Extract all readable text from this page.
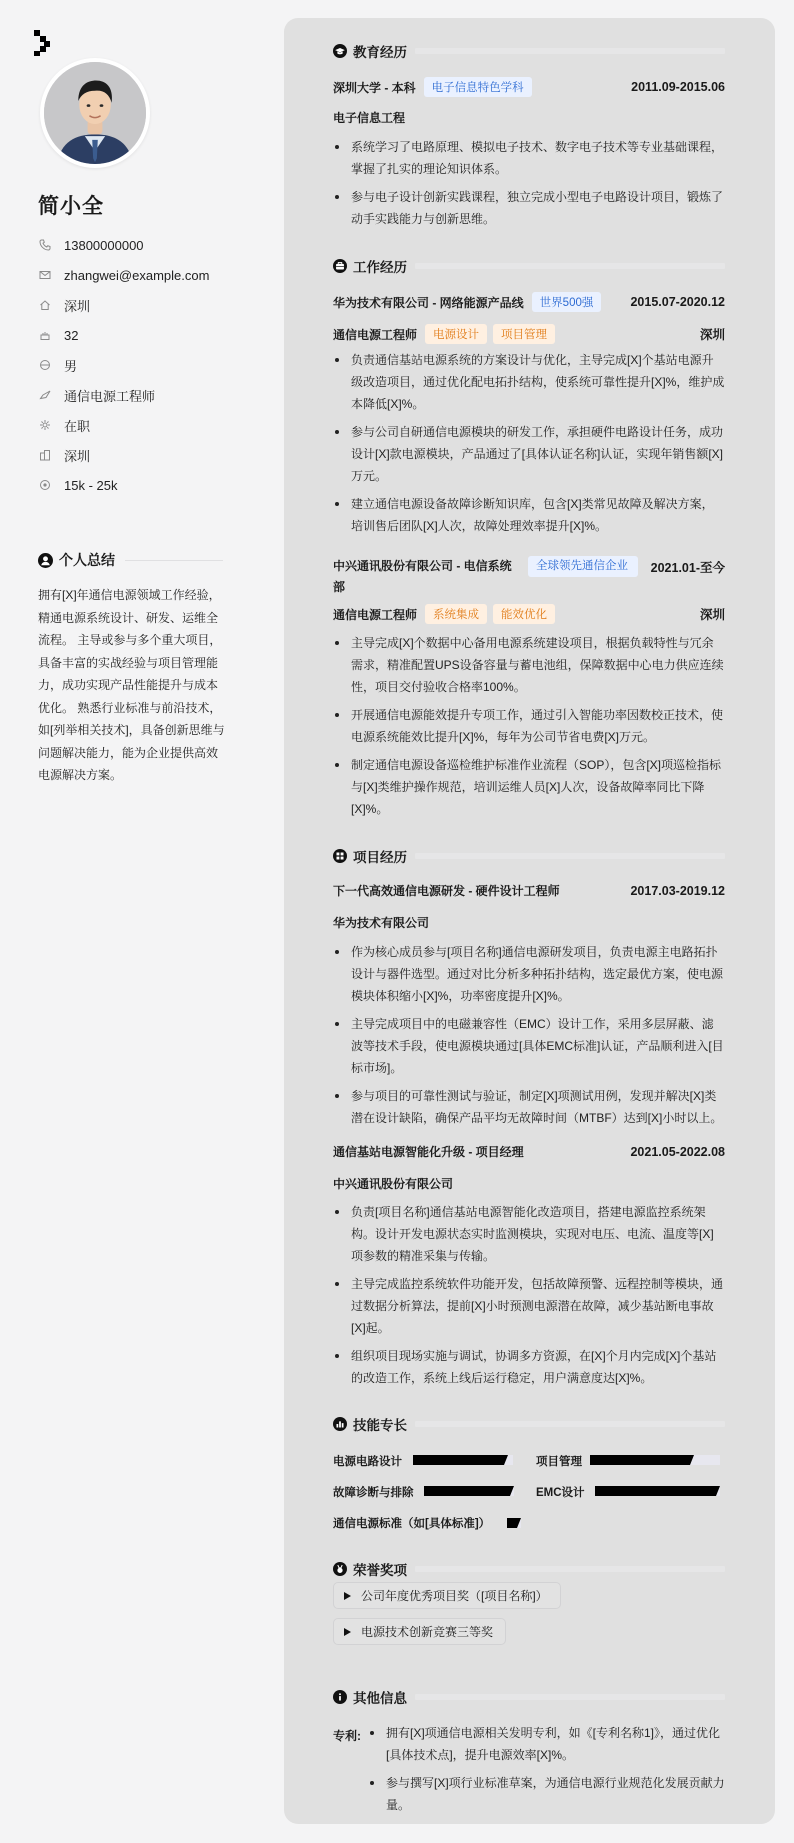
简小全
13800000000
zhangwei@example.com
深圳
32
男
通信电源工程师
在职
深圳
15k - 25k
个人总结
拥有[X]年通信电源领域工作经验，精通电源系统设计、研发、运维全流程。 主导或参与多个重大项目，具备丰富的实战经验与项目管理能力，成功实现产品性能提升与成本优化。 熟悉行业标准与前沿技术，如[列举相关技术]，具备创新思维与问题解决能力，能为企业提供高效电源解决方案。
教育经历
深圳大学 - 本科	电子信息特色学科	2011.09-2015.06
电子信息工程
系统学习了电路原理、模拟电子技术、数字电子技术等专业基础课程，掌握了扎实的理论知识体系。
参与电子设计创新实践课程，独立完成小型电子电路设计项目，锻炼了动手实践能力与创新思维。
工作经历
华为技术有限公司 - 网络能源产品线	世界500强	2015.07-2020.12
通信电源工程师	电源设计	项目管理	深圳
负责通信基站电源系统的方案设计与优化，主导完成[X]个基站电源升级改造项目，通过优化配电拓扑结构，使系统可靠性提升[X]%，维护成本降低[X]%。
参与公司自研通信电源模块的研发工作，承担硬件电路设计任务，成功设计[X]款电源模块，产品通过了[具体认证名称]认证，实现年销售额[X]万元。
建立通信电源设备故障诊断知识库，包含[X]类常见故障及解决方案，培训售后团队[X]人次，故障处理效率提升[X]%。
中兴通讯股份有限公司 - 电信系统部
全球领先通信企业	2021.01-至今
通信电源工程师	系统集成	能效优化	深圳
主导完成[X]个数据中心备用电源系统建设项目，根据负载特性与冗余需求，精准配置UPS设备容量与蓄电池组，保障数据中心电力供应连续性，项目交付验收合格率100%。
开展通信电源能效提升专项工作，通过引入智能功率因数校正技术，使电源系统能效比提升[X]%，每年为公司节省电费[X]万元。
制定通信电源设备巡检维护标准作业流程（SOP），包含[X]项巡检指标与[X]类维护操作规范，培训运维人员[X]人次，设备故障率同比下降[X]%。
项目经历
下一代高效通信电源研发 - 硬件设计工程师	2017.03-2019.12
华为技术有限公司
作为核心成员参与[项目名称]通信电源研发项目，负责电源主电路拓扑设计与器件选型。通过对比分析多种拓扑结构，选定最优方案，使电源模块体积缩小[X]%，功率密度提升[X]%。
主导完成项目中的电磁兼容性（EMC）设计工作，采用多层屏蔽、滤波等技术手段，使电源模块通过[具体EMC标准]认证，产品顺利进入[目标市场]。
参与项目的可靠性测试与验证，制定[X]项测试用例，发现并解决[X]类潜在设计缺陷，确保产品平均无故障时间（MTBF）达到[X]小时以上。
通信基站电源智能化升级 - 项目经理	2021.05-2022.08
中兴通讯股份有限公司
负责[项目名称]通信基站电源智能化改造项目，搭建电源监控系统架构。设计开发电源状态实时监测模块，实现对电压、电流、温度等[X]项参数的精准采集与传输。
主导完成监控系统软件功能开发，包括故障预警、远程控制等模块，通过数据分析算法，提前[X]小时预测电源潜在故障，减少基站断电事故[X]起。
组织项目现场实施与调试，协调多方资源，在[X]个月内完成[X]个基站的改造工作，系统上线后运行稳定，用户满意度达[X]%。
技能专长
电源电路设计	项目管理
故障诊断与排除	EMC设计
通信电源标准（如[具体标准]）
荣誉奖项
公司年度优秀项目奖（[项目名称]）
电源技术创新竞赛三等奖
其他信息
专利:	拥有[X]项通信电源相关发明专利，如《[专利名称1]》，通过优化[具体技术点]，提升电源效率[X]%。
参与撰写[X]项行业标准草案，为通信电源行业规范化发展贡献力量。
